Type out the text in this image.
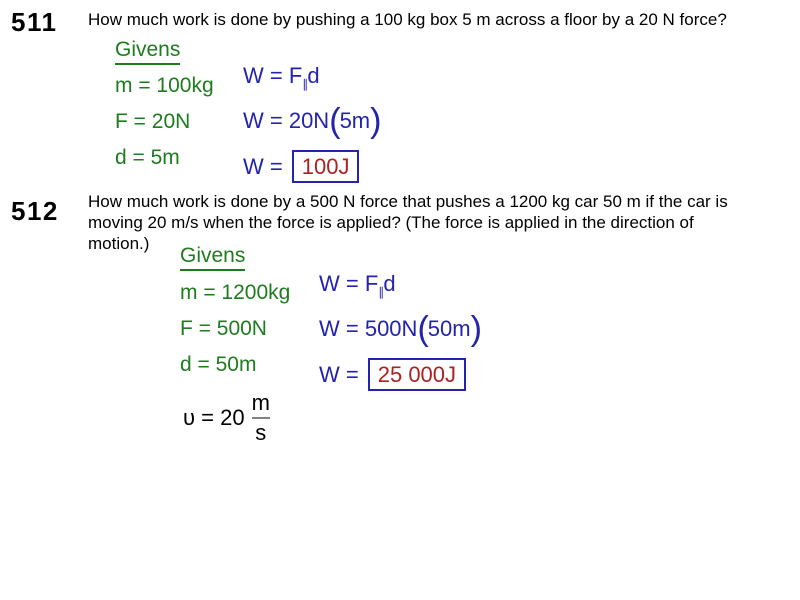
511 How much work is done by pushing a 100 kg box 5 m across a floor by a 20 N force?
Givens
m = 100kg
F = 20N
d = 5m
$W = F_\parallel d$
W = 20N(5m)
W = 100J
512 How much work is done by a 500 N force that pushes a 1200 kg car 50 m if the car is
moving 20 m/s when the force is applied? (The force is applied in the direction of
motion.)
Givens
m = 1200kg
F = 500N
d = 50m
$\upsilon = 20 \frac{m}{s}$
$W = F_\parallel d$
W = 500N(50m)
W = 25 000J
